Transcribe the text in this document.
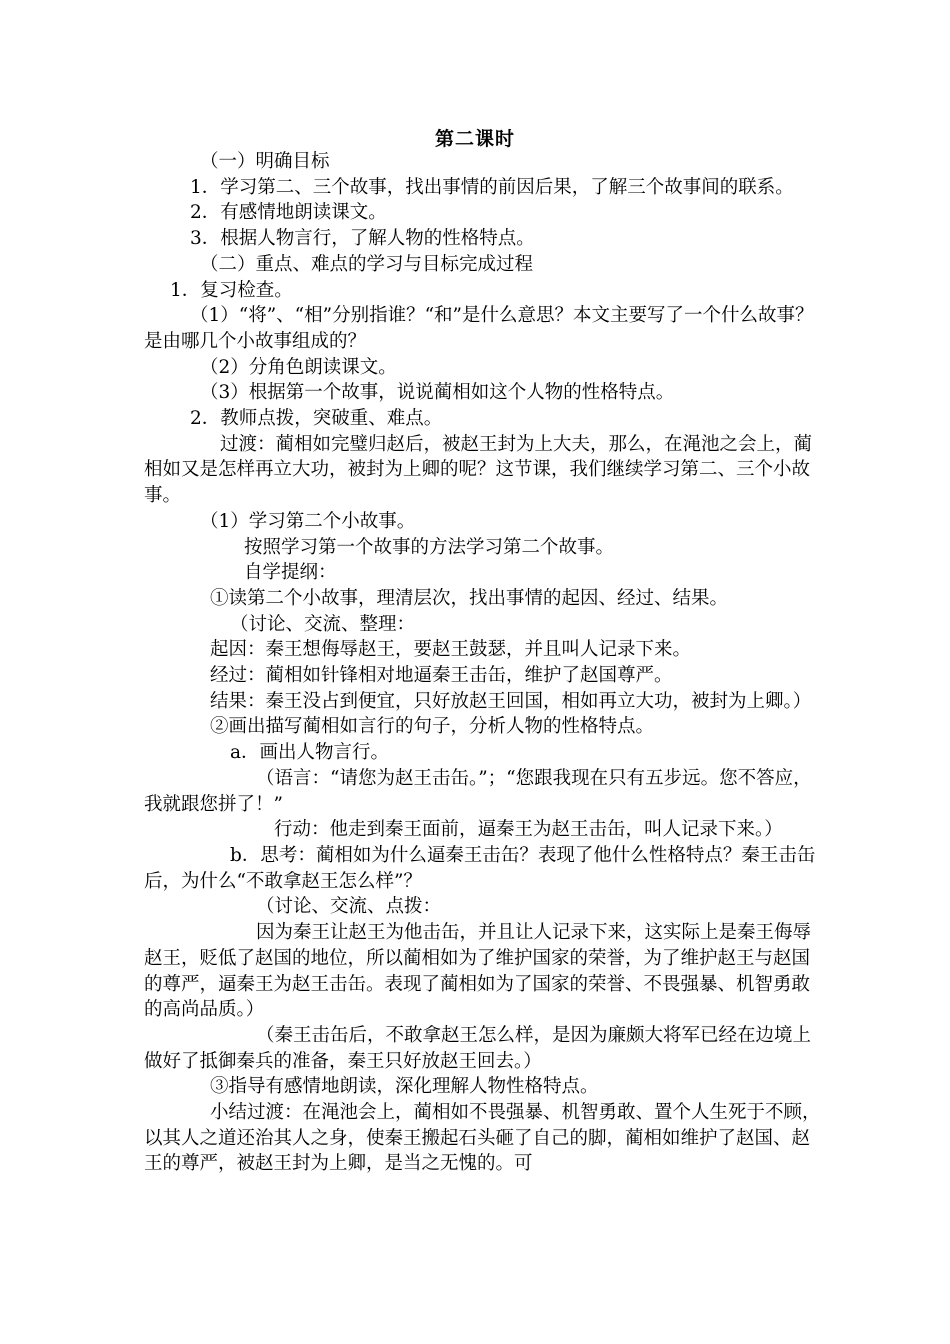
第二课时

（一）明确目标

1．学习第二、三个故事，找出事情的前因后果，了解三个故事间的联系。

2．有感情地朗读课文。

3．根据人物言行，了解人物的性格特点。

（二）重点、难点的学习与目标完成过程

1．复习检查。

（1）“将”、“相”分别指谁？“和”是什么意思？本文主要写了一个什么故事？是由哪几个小故事组成的？

（2）分角色朗读课文。

（3）根据第一个故事，说说蔺相如这个人物的性格特点。

2．教师点拨，突破重、难点。

过渡：蔺相如完璧归赵后，被赵王封为上大夫，那么，在渑池之会上，蔺相如又是怎样再立大功，被封为上卿的呢？这节课，我们继续学习第二、三个小故事。

（1）学习第二个小故事。

按照学习第一个故事的方法学习第二个故事。

自学提纲：

①读第二个小故事，理清层次，找出事情的起因、经过、结果。

（讨论、交流、整理：

起因：秦王想侮辱赵王，要赵王鼓瑟，并且叫人记录下来。

经过：蔺相如针锋相对地逼秦王击缶，维护了赵国尊严。

结果：秦王没占到便宜，只好放赵王回国，相如再立大功，被封为上卿。）

②画出描写蔺相如言行的句子，分析人物的性格特点。

a．画出人物言行。

（语言：“请您为赵王击缶。”；“您跟我现在只有五步远。您不答应，我就跟您拼了！”

行动：他走到秦王面前，逼秦王为赵王击缶，叫人记录下来。）

b．思考：蔺相如为什么逼秦王击缶？表现了他什么性格特点？秦王击缶后，为什么“不敢拿赵王怎么样”？

（讨论、交流、点拨：

因为秦王让赵王为他击缶，并且让人记录下来，这实际上是秦王侮辱赵王，贬低了赵国的地位，所以蔺相如为了维护国家的荣誉，为了维护赵王与赵国的尊严，逼秦王为赵王击缶。表现了蔺相如为了国家的荣誉、不畏强暴、机智勇敢的高尚品质。）

（秦王击缶后，不敢拿赵王怎么样，是因为廉颇大将军已经在边境上做好了抵御秦兵的准备，秦王只好放赵王回去。）

③指导有感情地朗读，深化理解人物性格特点。

小结过渡：在渑池会上，蔺相如不畏强暴、机智勇敢、置个人生死于不顾，以其人之道还治其人之身，使秦王搬起石头砸了自己的脚，蔺相如维护了赵国、赵王的尊严，被赵王封为上卿，是当之无愧的。可
